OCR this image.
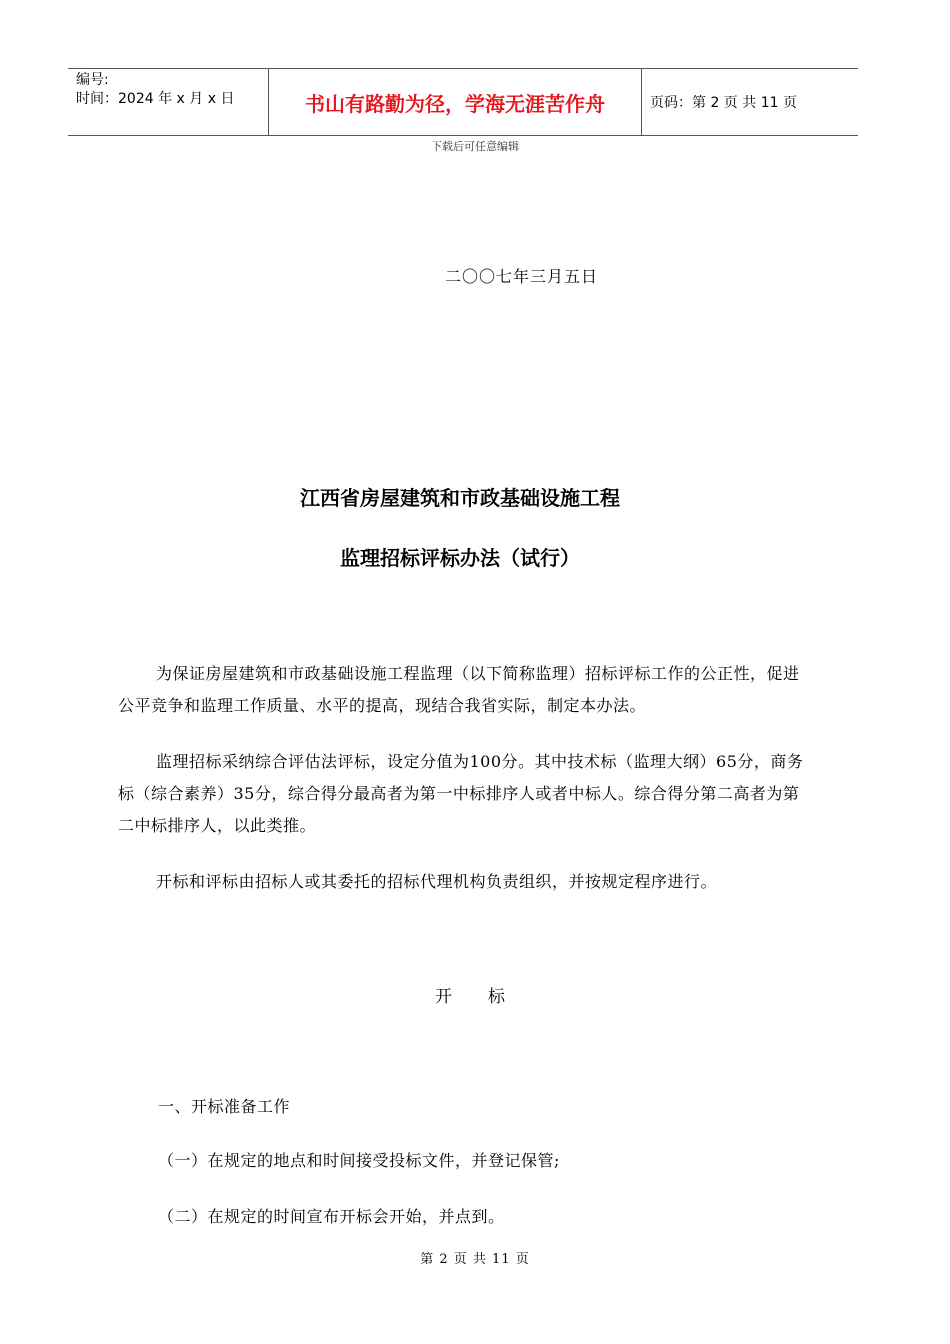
编号:
时间：2024 年 x 月 x 日	书山有路勤为径，学海无涯苦作舟	页码：第 2 页 共 11 页
下载后可任意编辑
二〇〇七年三月五日
江西省房屋建筑和市政基础设施工程
监理招标评标办法（试行）
为保证房屋建筑和市政基础设施工程监理（以下简称监理）招标评标工作的公正性，促进公平竞争和监理工作质量、水平的提高，现结合我省实际，制定本办法。
监理招标采纳综合评估法评标，设定分值为100分。其中技术标（监理大纲）65分，商务标（综合素养）35分，综合得分最高者为第一中标排序人或者中标人。综合得分第二高者为第二中标排序人，以此类推。
开标和评标由招标人或其委托的招标代理机构负责组织，并按规定程序进行。
开标
一、开标准备工作
（一）在规定的地点和时间接受投标文件，并登记保管;
（二）在规定的时间宣布开标会开始，并点到。
第 2 页 共 11 页
